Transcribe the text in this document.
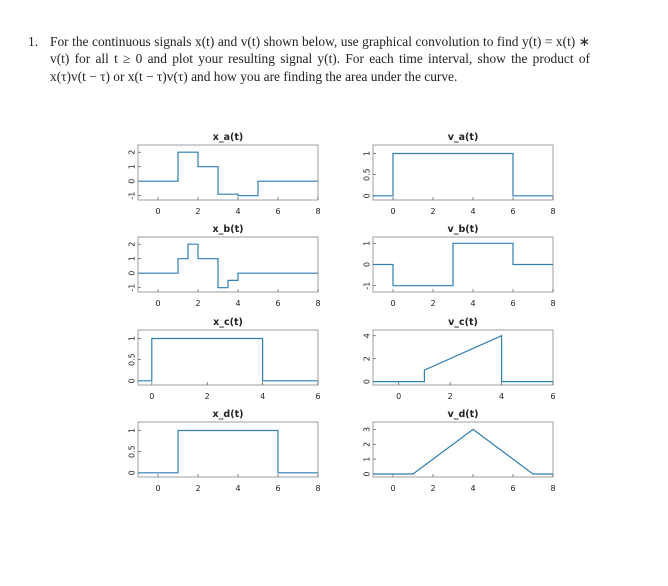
1. For the continuous signals x(t) and v(t) shown below, use graphical convolution to find y(t) = x(t) ∗ v(t) for all t ≥ 0 and plot your resulting signal y(t). For each time interval, show the product of x(τ)v(t − τ) or x(t − τ)v(τ) and how you are finding the area under the curve.
0	2	4	6	8
-1
0
1
2
x_a(t)
0	2	4	6	8
0
0.5
1
v_a(t)
0	2	4	6	8
-1
0
1
2
x_b(t)
0	2	4	6	8
-1
0
1
v_b(t)
0	2	4	6
0
0.5
1
x_c(t)
0	2	4	6
0
2
4
v_c(t)
0	2	4	6	8
0
0.5
1
x_d(t)
0	2	4	6	8
0
1
2
3
v_d(t)
